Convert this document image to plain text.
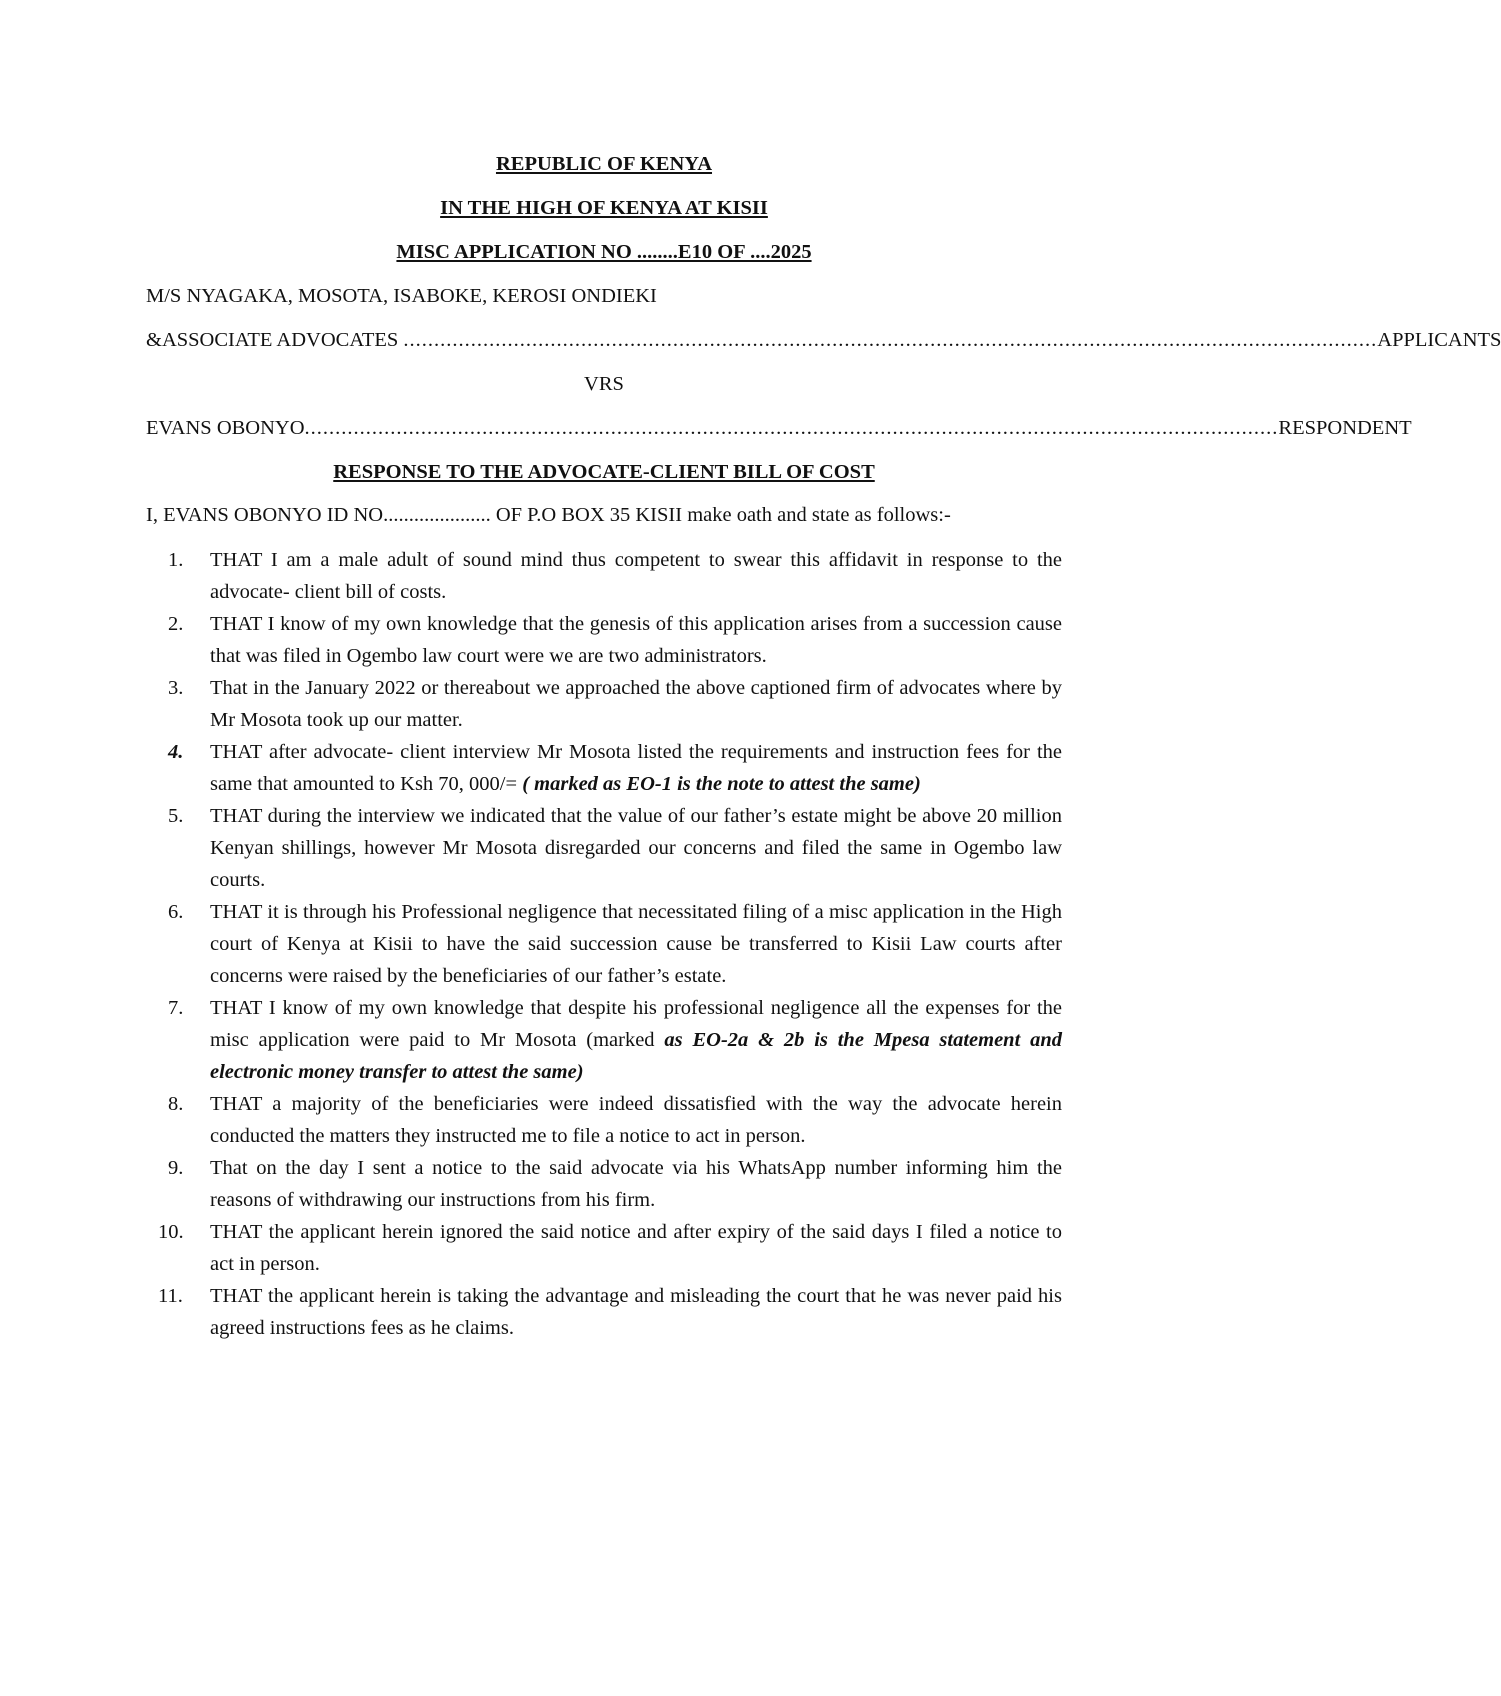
REPUBLIC OF KENYA
IN THE HIGH OF KENYA AT KISII
MISC APPLICATION NO ........E10 OF ....2025
M/S NYAGAKA, MOSOTA, ISABOKE, KEROSI ONDIEKI
&ASSOCIATE ADVOCATES ............................................................................................................................................................... APPLICANTS
VRS
EVANS OBONYO ............................................................................................................................................................... RESPONDENT
RESPONSE TO THE ADVOCATE-CLIENT BILL OF COST
I, EVANS OBONYO ID NO..................... OF P.O BOX 35 KISII make oath and state as follows:-
1.	THAT I am a male adult of sound mind thus competent to swear this affidavit in response to the advocate- client bill of costs.
2.	THAT I know of my own knowledge that the genesis of this application arises from a succession cause that was filed in Ogembo law court were we are two administrators.
3.	That in the January 2022 or thereabout we approached the above captioned firm of advocates where by Mr Mosota took up our matter.
4.	THAT after advocate- client interview Mr Mosota listed the requirements and instruction fees for the same that amounted to Ksh 70, 000/= ( marked as EO-1 is the note to attest the same)
5.	THAT during the interview we indicated that the value of our father’s estate might be above 20 million Kenyan shillings, however Mr Mosota disregarded our concerns and filed the same in Ogembo law courts.
6.	THAT it is through his Professional negligence that necessitated filing of a misc application in the High court of Kenya at Kisii to have the said succession cause be transferred to Kisii Law courts after concerns were raised by the beneficiaries of our father’s estate.
7.	THAT I know of my own knowledge that despite his professional negligence all the expenses for the misc application were paid to Mr Mosota (marked as EO-2a & 2b is the Mpesa statement and electronic money transfer to attest the same)
8.	THAT a majority of the beneficiaries were indeed dissatisfied with the way the advocate herein conducted the matters they instructed me to file a notice to act in person.
9.	That on the day I sent a notice to the said advocate via his WhatsApp number informing him the reasons of withdrawing our instructions from his firm.
10.	THAT the applicant herein ignored the said notice and after expiry of the said days I filed a notice to act in person.
11.	THAT the applicant herein is taking the advantage and misleading the court that he was never paid his agreed instructions fees as he claims.
